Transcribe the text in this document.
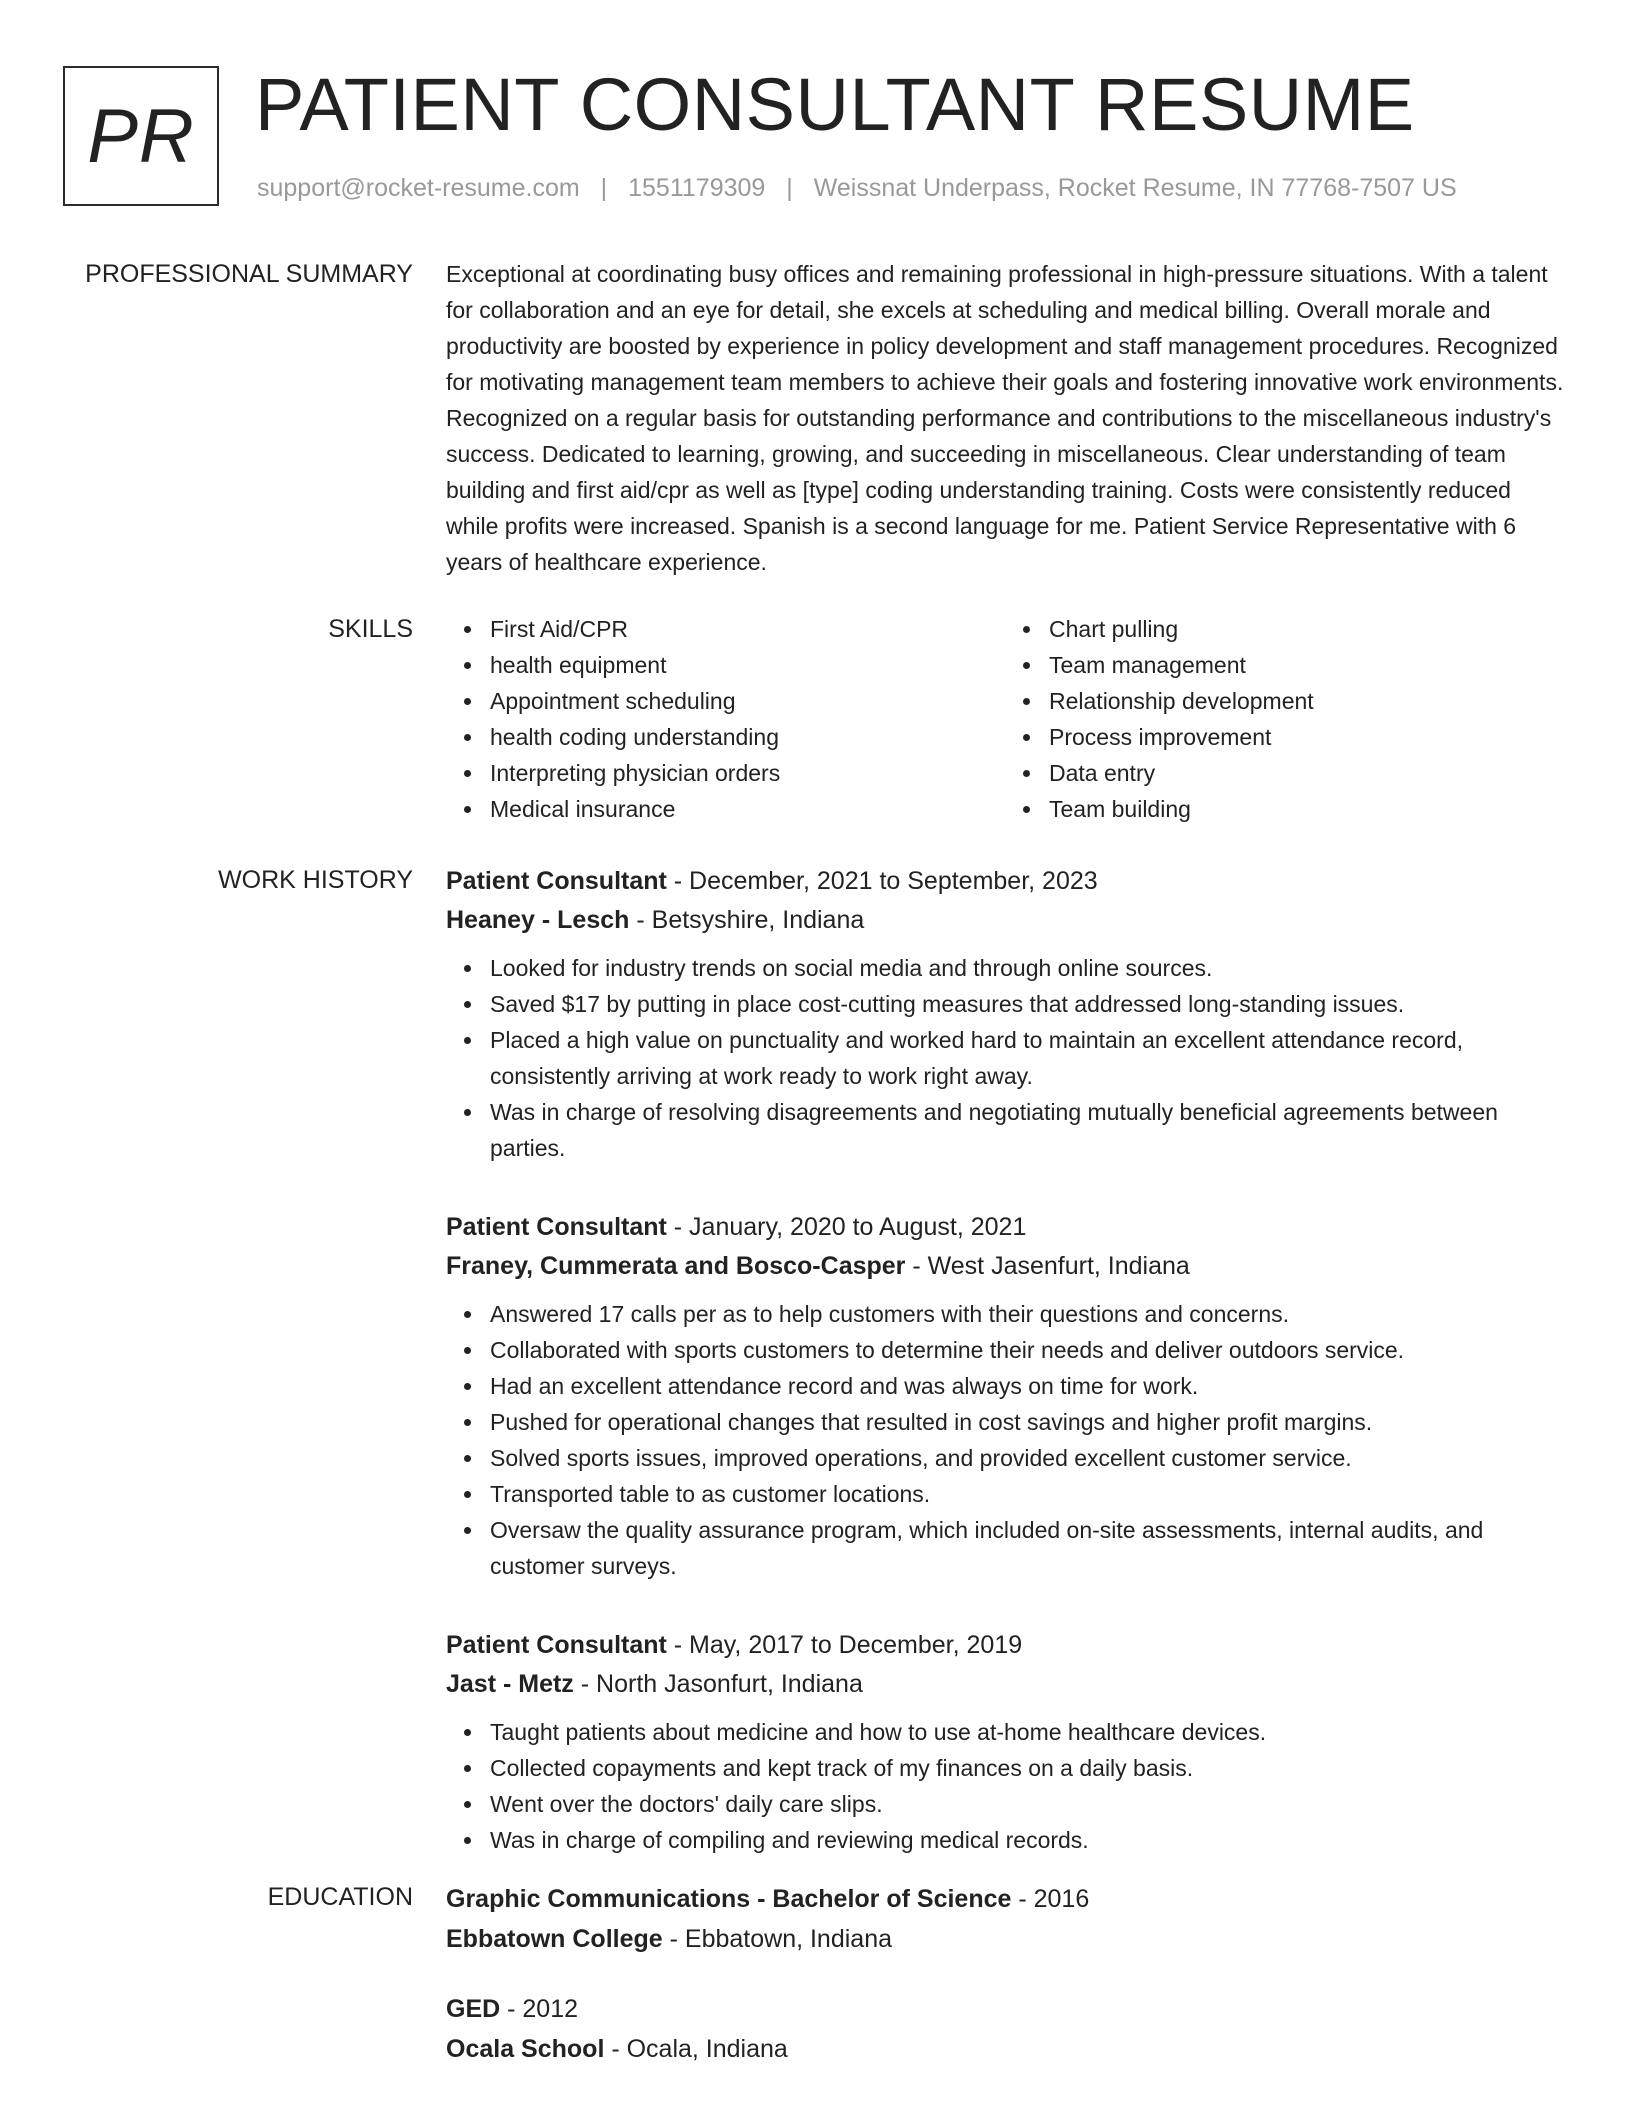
PR PATIENT CONSULTANT RESUME
support@rocket-resume.com | 1551179309 | Weissnat Underpass, Rocket Resume, IN 77768-7507 US
PROFESSIONAL SUMMARY Exceptional at coordinating busy offices and remaining professional in high-pressure situations. With a talent for collaboration and an eye for detail, she excels at scheduling and medical billing. Overall morale and productivity are boosted by experience in policy development and staff management procedures. Recognized for motivating management team members to achieve their goals and fostering innovative work environments. Recognized on a regular basis for outstanding performance and contributions to the miscellaneous industry's success. Dedicated to learning, growing, and succeeding in miscellaneous. Clear understanding of team building and first aid/cpr as well as [type] coding understanding training. Costs were consistently reduced while profits were increased. Spanish is a second language for me. Patient Service Representative with 6 years of healthcare experience.

SKILLS	First Aid/CPR
health equipment
Appointment scheduling
health coding understanding
Interpreting physician orders
Medical insurance
Chart pulling
Team management
Relationship development
Process improvement
Data entry
Team building
WORK HISTORY Patient Consultant - December, 2021 to September, 2023
Heaney - Lesch - Betsyshire, Indiana
Looked for industry trends on social media and through online sources.
Saved $17 by putting in place cost-cutting measures that addressed long-standing issues.
Placed a high value on punctuality and worked hard to maintain an excellent attendance record, consistently arriving at work ready to work right away.
Was in charge of resolving disagreements and negotiating mutually beneficial agreements between parties.
Patient Consultant - January, 2020 to August, 2021
Franey, Cummerata and Bosco-Casper - West Jasenfurt, Indiana
Answered 17 calls per as to help customers with their questions and concerns.
Collaborated with sports customers to determine their needs and deliver outdoors service.
Had an excellent attendance record and was always on time for work.
Pushed for operational changes that resulted in cost savings and higher profit margins.
Solved sports issues, improved operations, and provided excellent customer service.
Transported table to as customer locations.
Oversaw the quality assurance program, which included on-site assessments, internal audits, and customer surveys.
Patient Consultant - May, 2017 to December, 2019
Jast - Metz - North Jasonfurt, Indiana
Taught patients about medicine and how to use at-home healthcare devices.
Collected copayments and kept track of my finances on a daily basis.
Went over the doctors' daily care slips.
Was in charge of compiling and reviewing medical records.
EDUCATION Graphic Communications - Bachelor of Science - 2016
Ebbatown College - Ebbatown, Indiana
GED - 2012
Ocala School - Ocala, Indiana
